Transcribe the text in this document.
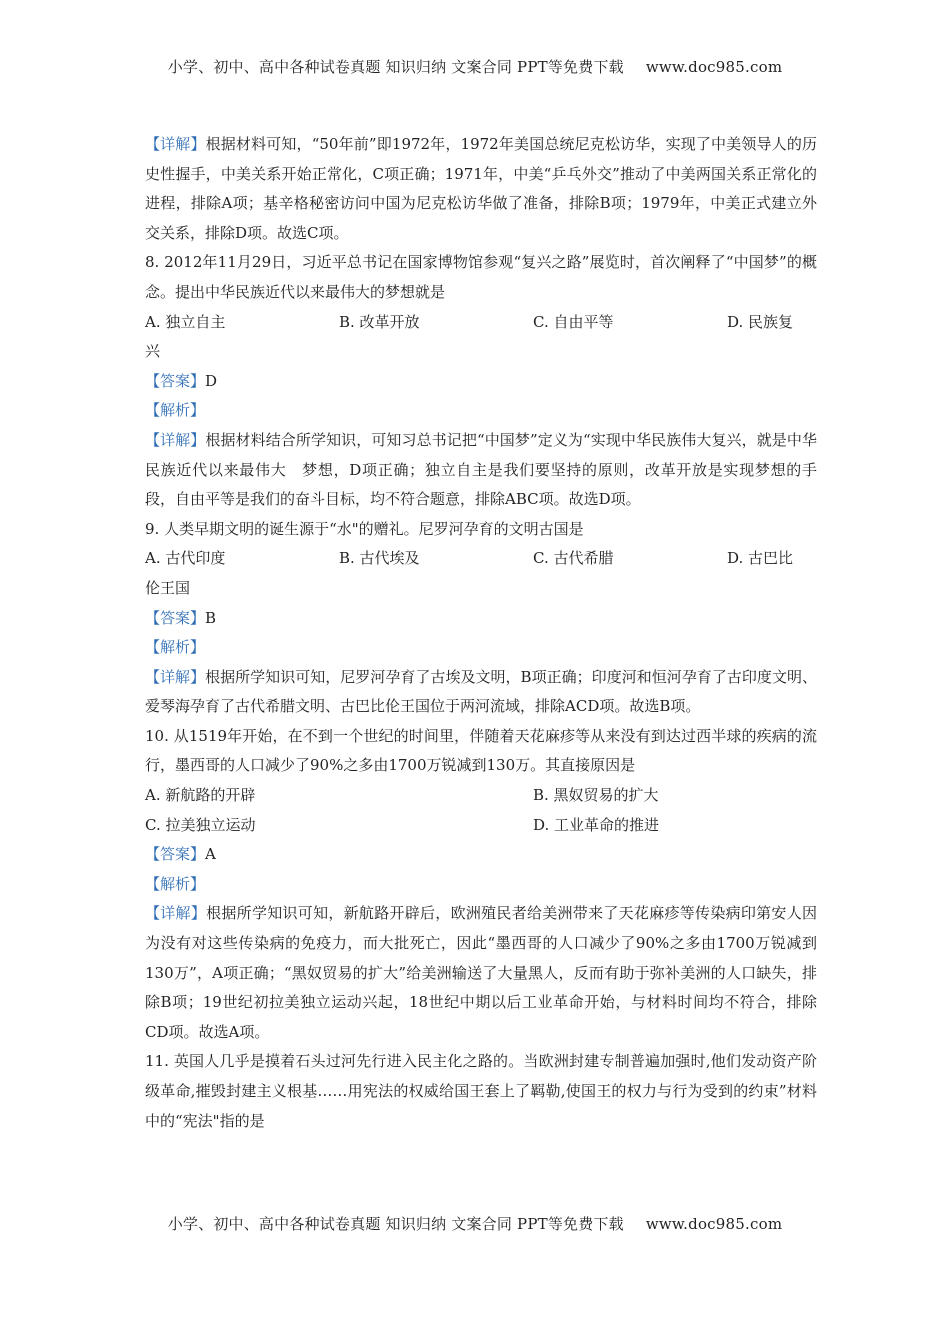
小学、初中、高中各种试卷真题 知识归纳 文案合同 PPT等免费下载 www.doc985.com

【详解】根据材料可知，“50年前”即1972年，1972年美国总统尼克松访华，实现了中美领导人的历史性握手，中美关系开始正常化，C项正确；1971年，中美“乒乓外交”推动了中美两国关系正常化的进程，排除A项；基辛格秘密访问中国为尼克松访华做了准备，排除B项；1979年，中美正式建立外交关系，排除D项。故选C项。

8. 2012年11月29日，习近平总书记在国家博物馆参观“复兴之路”展览时，首次阐释了“中国梦”的概念。提出中华民族近代以来最伟大的梦想就是

A. 独立自主	B. 改革开放	C. 自由平等	D. 民族复

兴

【答案】D

【解析】

【详解】根据材料结合所学知识，可知习总书记把“中国梦”定义为“实现中华民族伟大复兴，就是中华民族近代以来最伟大　梦想，D项正确；独立自主是我们要坚持的原则，改革开放是实现梦想的手段，自由平等是我们的奋斗目标，均不符合题意，排除ABC项。故选D项。

9. 人类早期文明的诞生源于“水"的赠礼。尼罗河孕育的文明古国是

A. 古代印度	B. 古代埃及	C. 古代希腊	D. 古巴比

伦王国

【答案】B

【解析】

【详解】根据所学知识可知，尼罗河孕育了古埃及文明，B项正确；印度河和恒河孕育了古印度文明、爱琴海孕育了古代希腊文明、古巴比伦王国位于两河流域，排除ACD项。故选B项。

10. 从1519年开始，在不到一个世纪的时间里，伴随着天花麻疹等从来没有到达过西半球的疾病的流行，墨西哥的人口减少了90%之多由1700万锐减到130万。其直接原因是

A. 新航路的开辟	B. 黑奴贸易的扩大
C. 拉美独立运动	D. 工业革命的推进

【答案】A

【解析】

【详解】根据所学知识可知，新航路开辟后，欧洲殖民者给美洲带来了天花麻疹等传染病印第安人因为没有对这些传染病的免疫力，而大批死亡，因此“墨西哥的人口减少了90%之多由1700万锐减到130万”，A项正确；“黑奴贸易的扩大”给美洲输送了大量黑人，反而有助于弥补美洲的人口缺失，排除B项；19世纪初拉美独立运动兴起，18世纪中期以后工业革命开始，与材料时间均不符合，排除CD项。故选A项。

11. 英国人几乎是摸着石头过河先行进入民主化之路的。当欧洲封建专制普遍加强时,他们发动资产阶级革命,摧毁封建主义根基……用宪法的权威给国王套上了羁勒,使国王的权力与行为受到的约束”材料中的“宪法"指的是

小学、初中、高中各种试卷真题 知识归纳 文案合同 PPT等免费下载 www.doc985.com
